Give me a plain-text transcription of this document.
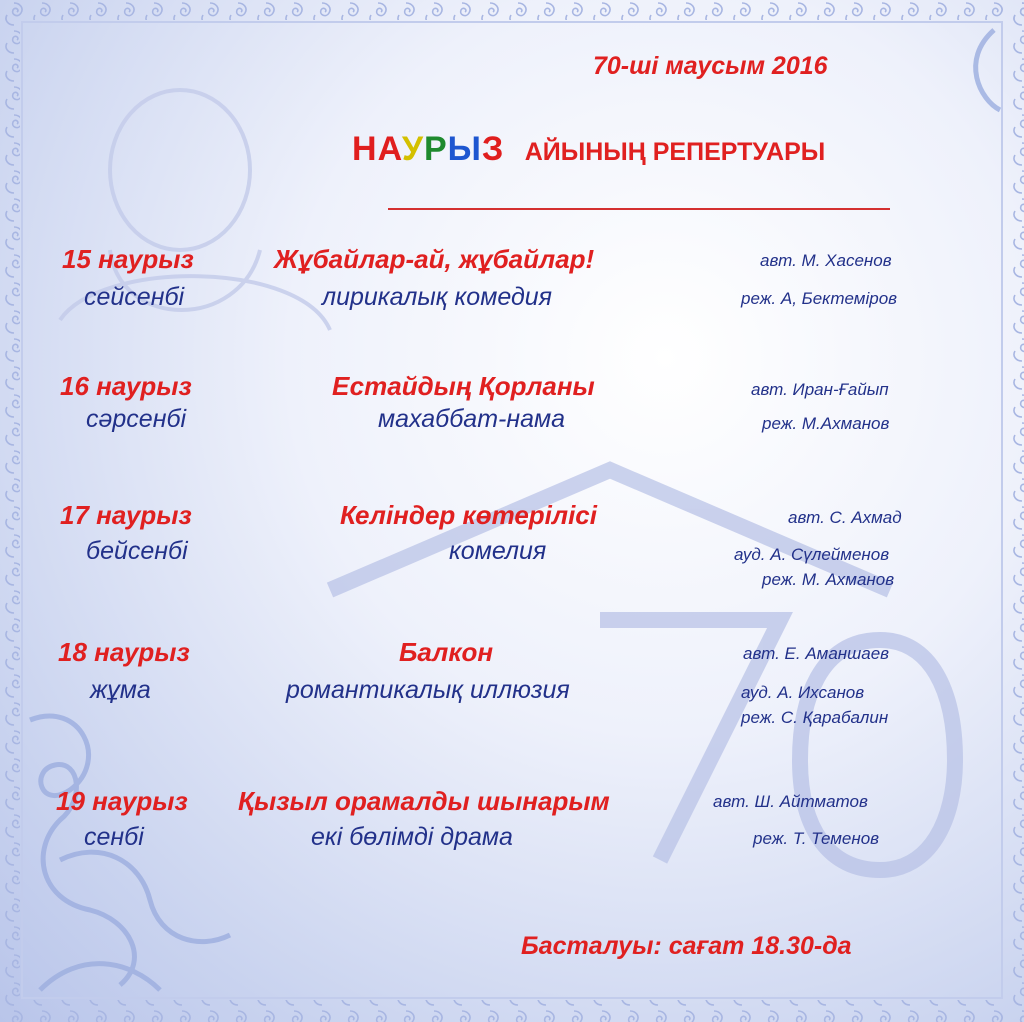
70-ші маусым 2016
НАУРЫЗ АЙЫНЫҢ РЕПЕРТУАРЫ
15 наурыз
сейсенбі
Жұбайлар-ай, жұбайлар!
лирикалық комедия
авт. М. Хасенов
реж. А, Бектеміров
16 наурыз
сәрсенбі
Естайдың Қорланы
махаббат-нама
авт. Иран-Ғайып
реж. М.Ахманов
17 наурыз
бейсенбі
Келіндер көтерілісі
комелия
авт. С. Ахмад
ауд. А. Сүлейменов
реж. М. Ахманов
18 наурыз
жұма
Балкон
романтикалық иллюзия
авт. Е. Аманшаев
ауд. А. Ихсанов
реж. С. Қарабалин
19 наурыз
сенбі
Қызыл орамалды шынарым
екі бөлімді драма
авт. Ш. Айтматов
реж. Т. Теменов
Басталуы: сағат 18.30-да
